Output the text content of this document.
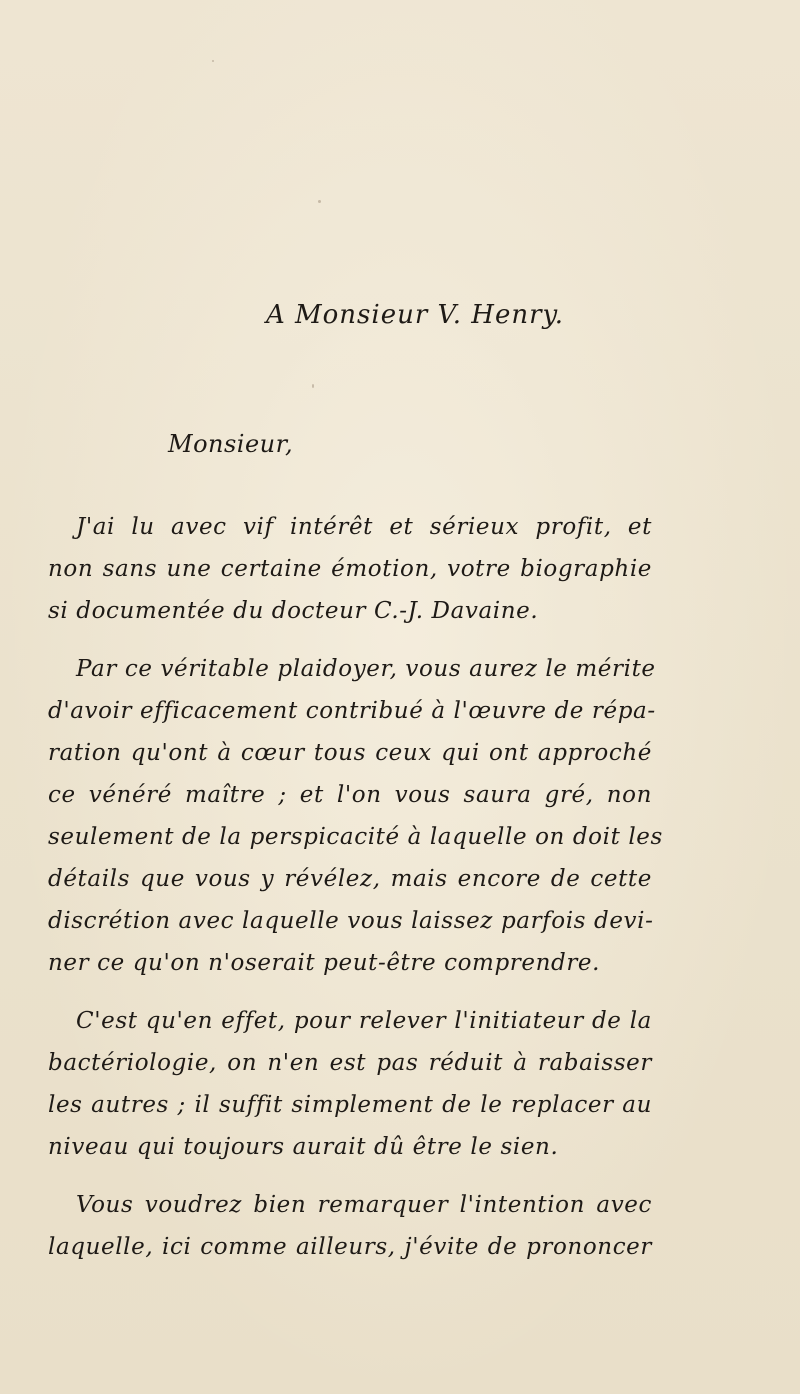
A Monsieur V. Henry.
Monsieur,

J'ai lu avec vif intérêt et sérieux profit, et
non sans une certaine émotion, votre biographie
si documentée du docteur C.-J. Davaine.

Par ce véritable plaidoyer, vous aurez le mérite
d'avoir efficacement contribué à l'œuvre de répa-
ration qu'ont à cœur tous ceux qui ont approché
ce vénéré maître ; et l'on vous saura gré, non
seulement de la perspicacité à laquelle on doit les
détails que vous y révélez, mais encore de cette
discrétion avec laquelle vous laissez parfois devi-
ner ce qu'on n'oserait peut-être comprendre.

C'est qu'en effet, pour relever l'initiateur de la
bactériologie, on n'en est pas réduit à rabaisser
les autres ; il suffit simplement de le replacer au
niveau qui toujours aurait dû être le sien.

Vous voudrez bien remarquer l'intention avec
laquelle, ici comme ailleurs, j'évite de prononcer
